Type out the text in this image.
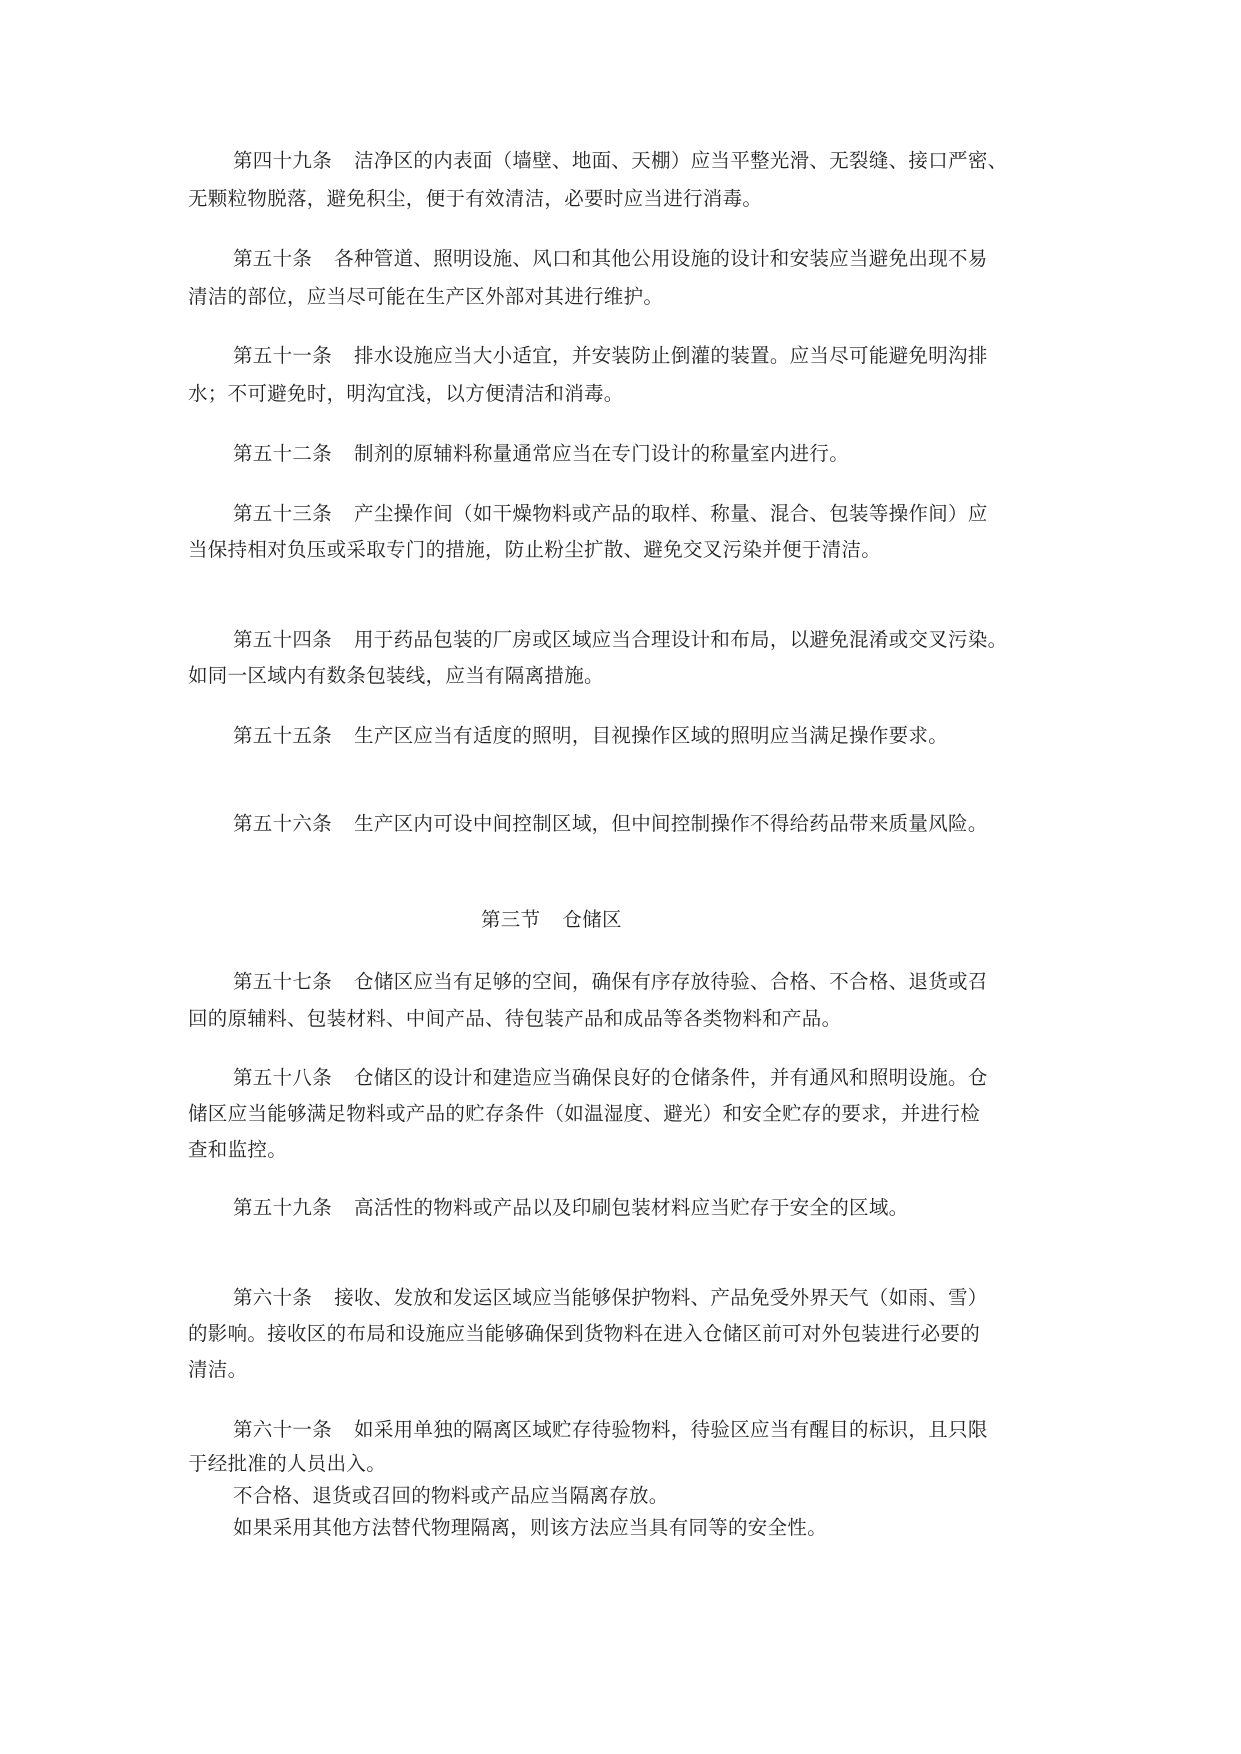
第四十九条 洁净区的内表面（墙壁、地面、天棚）应当平整光滑、无裂缝、接口严密、
无颗粒物脱落，避免积尘，便于有效清洁，必要时应当进行消毒。
第五十条 各种管道、照明设施、风口和其他公用设施的设计和安装应当避免出现不易
清洁的部位，应当尽可能在生产区外部对其进行维护。
第五十一条 排水设施应当大小适宜，并安装防止倒灌的装置。应当尽可能避免明沟排
水；不可避免时，明沟宜浅，以方便清洁和消毒。
第五十二条 制剂的原辅料称量通常应当在专门设计的称量室内进行。
第五十三条 产尘操作间（如干燥物料或产品的取样、称量、混合、包装等操作间）应
当保持相对负压或采取专门的措施，防止粉尘扩散、避免交叉污染并便于清洁。
第五十四条 用于药品包装的厂房或区域应当合理设计和布局，以避免混淆或交叉污染。
如同一区域内有数条包装线，应当有隔离措施。
第五十五条 生产区应当有适度的照明，目视操作区域的照明应当满足操作要求。
第五十六条 生产区内可设中间控制区域，但中间控制操作不得给药品带来质量风险。
第三节 仓储区
第五十七条 仓储区应当有足够的空间，确保有序存放待验、合格、不合格、退货或召
回的原辅料、包装材料、中间产品、待包装产品和成品等各类物料和产品。
第五十八条 仓储区的设计和建造应当确保良好的仓储条件，并有通风和照明设施。仓
储区应当能够满足物料或产品的贮存条件（如温湿度、避光）和安全贮存的要求，并进行检
查和监控。
第五十九条 高活性的物料或产品以及印刷包装材料应当贮存于安全的区域。
第六十条 接收、发放和发运区域应当能够保护物料、产品免受外界天气（如雨、雪）
的影响。接收区的布局和设施应当能够确保到货物料在进入仓储区前可对外包装进行必要的
清洁。
第六十一条 如采用单独的隔离区域贮存待验物料，待验区应当有醒目的标识，且只限
于经批准的人员出入。
不合格、退货或召回的物料或产品应当隔离存放。
如果采用其他方法替代物理隔离，则该方法应当具有同等的安全性。
